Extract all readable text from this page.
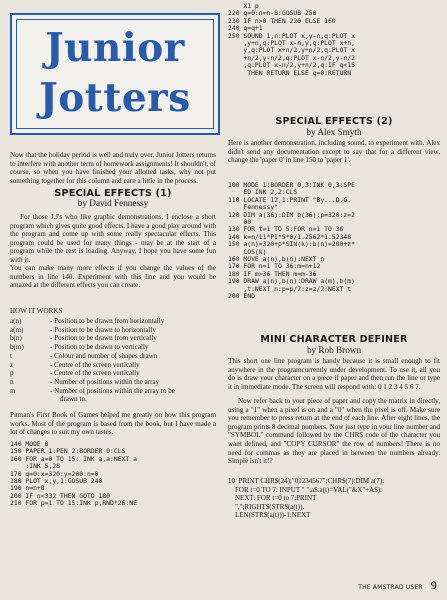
Junior
Jotters

Now that the holiday period is well and truly over, Junior Jotters returns to interfere with another term of homework assignments! It shouldn't, of course, so when you have finished your allotted tasks, why not put something together for this column and earn a little in the process.

SPECIAL EFFECTS (1)

by David Fennessy

For those J.J's who like graphic demonstrations, I enclose a short program which gives quite good effects. I have a good play around with the program and come up with some really spectacular effects. This program could be used for many things - may be at the start of a program while the rest is loading. Anyway, I hope you have some fun with it.

You can make many more effects if you change the values of the numbers in line 140. Experiment with this line and you would be amazed at the different effects you can create.

HOW IT WORKS

a(n)	- Position to be drawn from horizontally
a(m)	- Position to be drawn to horizontally
b(n)	- Position to be drawn from vertically
b(m)	- Position to be drawn to vertically
t	- Colour and number of shapes drawn
z	- Centre of the screen vertically
p	- Centre of the screen vertically
n	- Number of positions within the array
m	- Number of positions within the array to be
drawn to.

Pitman's First Book of Games helped me greatly on how this program works. Most of the program is based from the book, but I have made a lot of changes to suit my own tastes.

140 MODE 0
150 PAPER 1:PEN 2:BORDER 0:CLS
160 FOR a=0 TO 15: INK a,a:NEXT a
:INK 5,28
170 q=0:x=320:y=200:n=0
180 PLOT x,y,1:GOSUB 240
190 n=n+8
200 IF n<332 THEN GOTO 180
210 FOR p=1 TO 15:INK p,RND*26:NE
X1 p
220 q=0:n=n-8:GOSUB 250
230 IF n>0 THEN 220 ELSE 160
240 q=q+1
250 SOUND 1,n:PLOT x,y-n,q:PLOT x
,y+n,q:PLOT x-n,y,q:PLOT x+n,
y,q:PLOT x+n/2,y+n/2,q:PLOT x
+n/2,y-n/2,q:PLOT x-n/2,y-n/2
,q:PLOT x-n/2,y+n/2,q:IF q<15
THEN RETURN ELSE q=0:RETURN

SPECIAL EFFECTS (2)

by Alex Smyth

Here is another demonstration, including sound, to experiment with. Alex didn't send any documentation except to say that for a different view, change the 'paper 0' in line 150 to 'paper 1'.

100 MODE 1:BORDER 0,3:INK 0,3:SPE
ED INK 2,2:CLS
110 LOCATE 12,1:PRINT "By...D.G.
Fennessy"
120 DIM a(36):DIM b(36):p=320:z=2
00
130 FOR t=1 TO 5:FOR n=1 TO 36
140 k=n/11*PI*5*0/1.2562*1.52348
150 a(n)=320+p*SIN(k):b(n)=200+z*
COS(k)
160 MOVE a(n),b(n):NEXT n
170 FOR n=1 TO 36:m=n+12
180 IF m>36 THEN m=m-36
190 DRAW a(n),b(n):DRAW a(m),b(m)
,t:NEXT n:p=p/2:z=z/2:NEXT t
200 END

MINI CHARACTER DEFINER

by Rob Brown

This short one line program is handy because it is small enough to fit anywhere in the programcurrently under development. To use it, all you do is draw your character on a piece if paper and then run the line or type it in immediate mode. The screen will respond with: 0 1 2 3 4 5 6 7.

Now refer back to your piece of paper and copy the matrix in directly, using a "1" when a pixel is on and a "0" when the pixel is off. Make sure you remember to press return at the end of each line. After eight lines, the program prints 8 decimal numbers. Now just type in your line number and "SYMBOL" command followed by the CHR$ code of the character you want defined, and "COPY CURSOR" the row of numbers! There is no need for commas as they are placed in between the numbers already. Simple isn't it!?

10  PRINT CHR$(24);"01234567";CHR$(7):DIM a(7):
FOR t=0 TO 7: INPUT " ",a$:a(t)=VAL("&X"+A$):
NEXT: FOR t=0 to 7:PRINT
",";RIGHT$(STR$(a(t)),
LEN(STR$(a(t)))-1;NEXT
THE AMSTRAD USER 9
